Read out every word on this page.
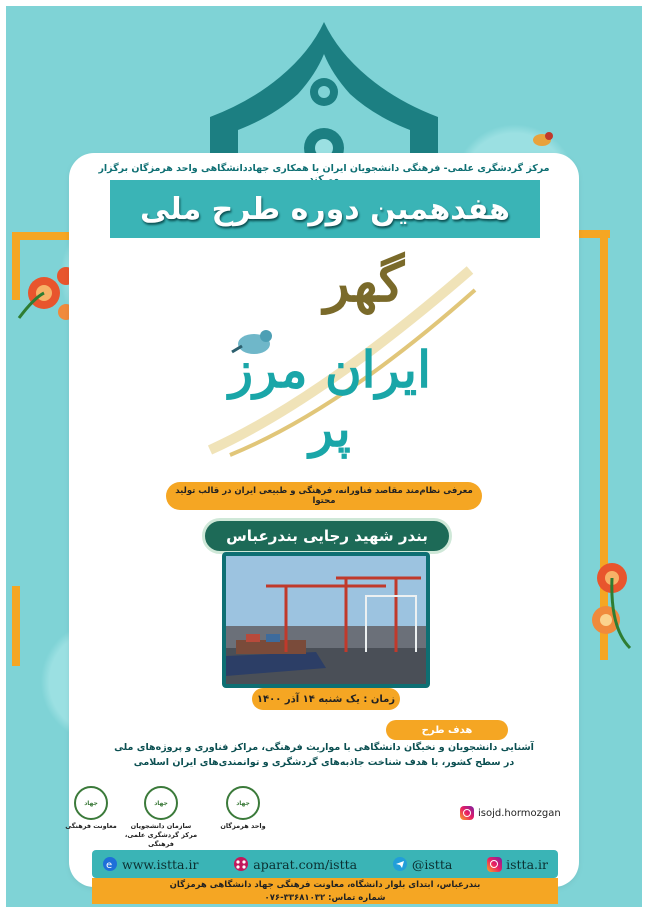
مرکز گردشگری علمی- فرهنگی دانشجویان ایران با همکاری جهاددانشگاهی واحد هرمزگان برگزار
هفدهمین دوره طرح ملی
گهر
ایران مرز پر
معرفی نظام‌مند مقاصد فناورانه، فرهنگی و طبیعی ایران در قالب تولید محتوا
بندر شهید رجایی بندرعباس
زمان : یک شنبه ۱۴ آذر ۱۴۰۰
هدف طرح
آشنایی دانشجویان و نخبگان دانشگاهی با مواریث فرهنگی، مراکز فناوری و پروژه‌های ملی
در سطح کشور، با هدف شناخت جاذبه‌های گردشگری و توانمندی‌های ایران اسلامی
جهاد
واحد هرمزگان
جهاد
سازمان دانشجویان
مرکز گردشگری علمی، فرهنگی

جهاد
معاونت فرهنگی
isojd.hormozgan
e www.istta.ir	aparat.com/istta	@istta	istta.ir
بندرعباس، ابتدای بلوار دانشگاه، معاونت فرهنگی جهاد دانشگاهی هرمزگان
شماره تماس: ۳۳۶۸۱۰۳۲-۰۷۶
